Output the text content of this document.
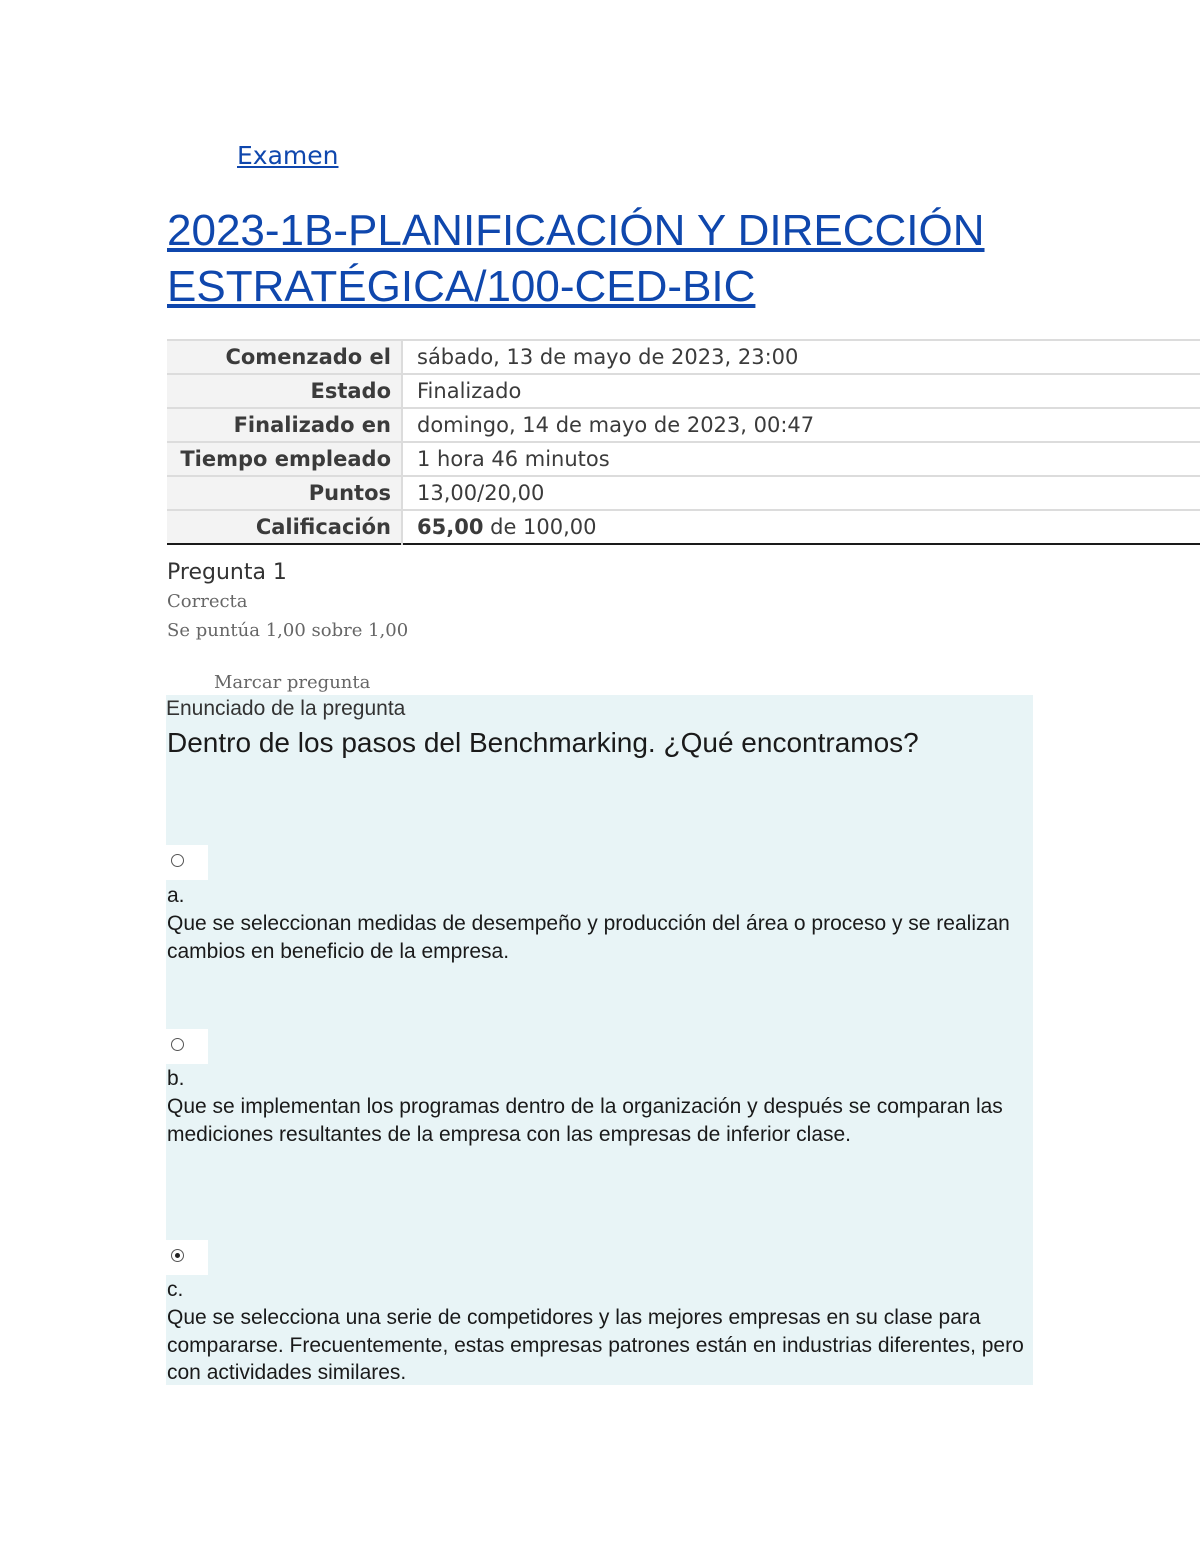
Examen
2023-1B-PLANIFICACIÓN Y DIRECCIÓN ESTRATÉGICA/100-CED-BIC
Comenzado el	sábado, 13 de mayo de 2023, 23:00
Estado	Finalizado
Finalizado en	domingo, 14 de mayo de 2023, 00:47
Tiempo empleado	1 hora 46 minutos
Puntos	13,00/20,00
Calificación	65,00 de 100,00
Pregunta 1
Correcta
Se puntúa 1,00 sobre 1,00
Marcar pregunta
Enunciado de la pregunta
Dentro de los pasos del Benchmarking. ¿Qué encontramos?
a.
Que se seleccionan medidas de desempeño y producción del área o proceso y se realizan cambios en beneficio de la empresa.
b.
Que se implementan los programas dentro de la organización y después se comparan las mediciones resultantes de la empresa con las empresas de inferior clase.
c.
Que se selecciona una serie de competidores y las mejores empresas en su clase para compararse. Frecuentemente, estas empresas patrones están en industrias diferentes, pero con actividades similares.
